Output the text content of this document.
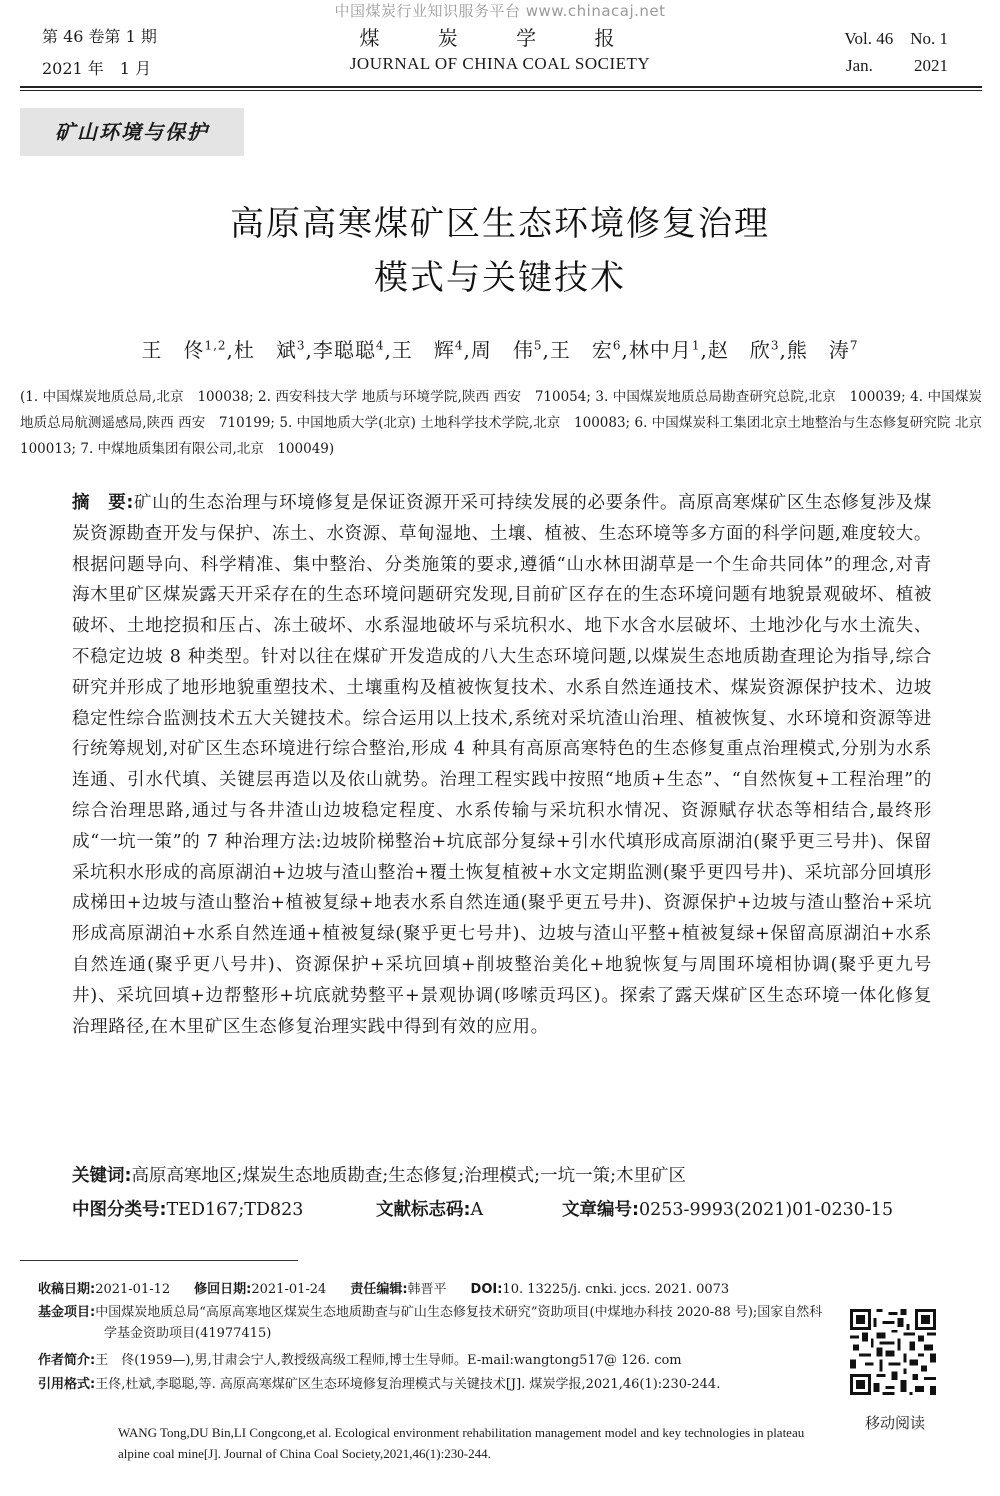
中国煤炭行业知识服务平台 www.chinacaj.net
第 46 卷第 1 期
2021 年　1 月
煤 炭 学 报
JOURNAL OF CHINA COAL SOCIETY
Vol. 46　No. 1
Jan.	2021
矿山环境与保护
高原高寒煤矿区生态环境修复治理
模式与关键技术
王　佟$^{1,2}$,杜　斌$^3$,李聪聪$^4$,王　辉$^4$,周　伟$^5$,王　宏$^6$,林中月$^1$,赵　欣$^3$,熊　涛$^7$
(1. 中国煤炭地质总局,北京　100038; 2. 西安科技大学 地质与环境学院,陕西 西安　710054; 3. 中国煤炭地质总局勘查研究总院,北京　100039; 4. 中国煤炭地质总局航测遥感局,陕西 西安　710199; 5. 中国地质大学(北京) 土地科学技术学院,北京　100083; 6. 中国煤炭科工集团北京土地整治与生态修复研究院 北京　100013; 7. 中煤地质集团有限公司,北京　100049)
摘　要:矿山的生态治理与环境修复是保证资源开采可持续发展的必要条件。高原高寒煤矿区生态修复涉及煤炭资源勘查开发与保护、冻土、水资源、草甸湿地、土壤、植被、生态环境等多方面的科学问题,难度较大。根据问题导向、科学精准、集中整治、分类施策的要求,遵循“山水林田湖草是一个生命共同体”的理念,对青海木里矿区煤炭露天开采存在的生态环境问题研究发现,目前矿区存在的生态环境问题有地貌景观破坏、植被破坏、土地挖损和压占、冻土破坏、水系湿地破坏与采坑积水、地下水含水层破坏、土地沙化与水土流失、不稳定边坡 8 种类型。针对以往在煤矿开发造成的八大生态环境问题,以煤炭生态地质勘查理论为指导,综合研究并形成了地形地貌重塑技术、土壤重构及植被恢复技术、水系自然连通技术、煤炭资源保护技术、边坡稳定性综合监测技术五大关键技术。综合运用以上技术,系统对采坑渣山治理、植被恢复、水环境和资源等进行统筹规划,对矿区生态环境进行综合整治,形成 4 种具有高原高寒特色的生态修复重点治理模式,分别为水系连通、引水代填、关键层再造以及依山就势。治理工程实践中按照“地质+生态”、“自然恢复+工程治理”的综合治理思路,通过与各井渣山边坡稳定程度、水系传输与采坑积水情况、资源赋存状态等相结合,最终形成“一坑一策”的 7 种治理方法:边坡阶梯整治+坑底部分复绿+引水代填形成高原湖泊(聚乎更三号井)、保留采坑积水形成的高原湖泊+边坡与渣山整治+覆土恢复植被+水文定期监测(聚乎更四号井)、采坑部分回填形成梯田+边坡与渣山整治+植被复绿+地表水系自然连通(聚乎更五号井)、资源保护+边坡与渣山整治+采坑形成高原湖泊+水系自然连通+植被复绿(聚乎更七号井)、边坡与渣山平整+植被复绿+保留高原湖泊+水系自然连通(聚乎更八号井)、资源保护+采坑回填+削坡整治美化+地貌恢复与周围环境相协调(聚乎更九号井)、采坑回填+边帮整形+坑底就势整平+景观协调(哆嗦贡玛区)。探索了露天煤矿区生态环境一体化修复治理路径,在木里矿区生态修复治理实践中得到有效的应用。
关键词:高原高寒地区;煤炭生态地质勘查;生态修复;治理模式;一坑一策;木里矿区
中图分类号:TED167;TD823	文献标志码:A	文章编号:0253-9993(2021)01-0230-15
收稿日期:2021-01-12 修回日期:2021-01-24 责任编辑:韩晋平 DOI:10. 13225/j. cnki. jccs. 2021. 0073
基金项目:中国煤炭地质总局“高原高寒地区煤炭生态地质勘查与矿山生态修复技术研究”资助项目(中煤地办科技 2020-88 号);国家自然科学基金资助项目(41977415)
作者简介:王　佟(1959—),男,甘肃会宁人,教授级高级工程师,博士生导师。E-mail:wangtong517@ 126. com
引用格式:王佟,杜斌,李聪聪,等. 高原高寒煤矿区生态环境修复治理模式与关键技术[J]. 煤炭学报,2021,46(1):230-244.
WANG Tong,DU Bin,LI Congcong,et al. Ecological environment rehabilitation management model and key technologies in plateau alpine coal mine[J]. Journal of China Coal Society,2021,46(1):230-244.
移动阅读
